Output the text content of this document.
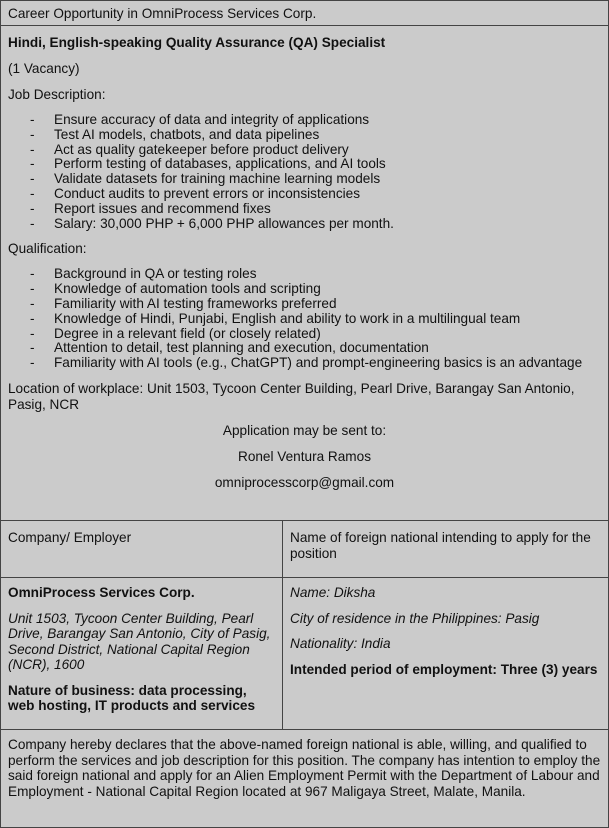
Career Opportunity in OmniProcess Services Corp.
Hindi, English-speaking Quality Assurance (QA) Specialist
(1 Vacancy)
Job Description:
- Ensure accuracy of data and integrity of applications
- Test AI models, chatbots, and data pipelines
- Act as quality gatekeeper before product delivery
- Perform testing of databases, applications, and AI tools
- Validate datasets for training machine learning models
- Conduct audits to prevent errors or inconsistencies
- Report issues and recommend fixes
- Salary: 30,000 PHP + 6,000 PHP allowances per month.
Qualification:
- Background in QA or testing roles
- Knowledge of automation tools and scripting
- Familiarity with AI testing frameworks preferred
- Knowledge of Hindi, Punjabi, English and ability to work in a multilingual team
- Degree in a relevant field (or closely related)
- Attention to detail, test planning and execution, documentation
- Familiarity with AI tools (e.g., ChatGPT) and prompt-engineering basics is an advantage
Location of workplace: Unit 1503, Tycoon Center Building, Pearl Drive, Barangay San Antonio, Pasig, NCR
Application may be sent to:
Ronel Ventura Ramos
omniprocesscorp@gmail.com
Company/ Employer
OmniProcess Services Corp.
Unit 1503, Tycoon Center Building, Pearl Drive, Barangay San Antonio, City of Pasig, Second District, National Capital Region (NCR), 1600
Nature of business: data processing, web hosting, IT products and services
Name of foreign national intending to apply for the position
Name: Diksha
City of residence in the Philippines: Pasig
Nationality: India
Intended period of employment: Three (3) years
Company hereby declares that the above-named foreign national is able, willing, and qualified to perform the services and job description for this position. The company has intention to employ the said foreign national and apply for an Alien Employment Permit with the Department of Labour and Employment - National Capital Region located at 967 Maligaya Street, Malate, Manila.
